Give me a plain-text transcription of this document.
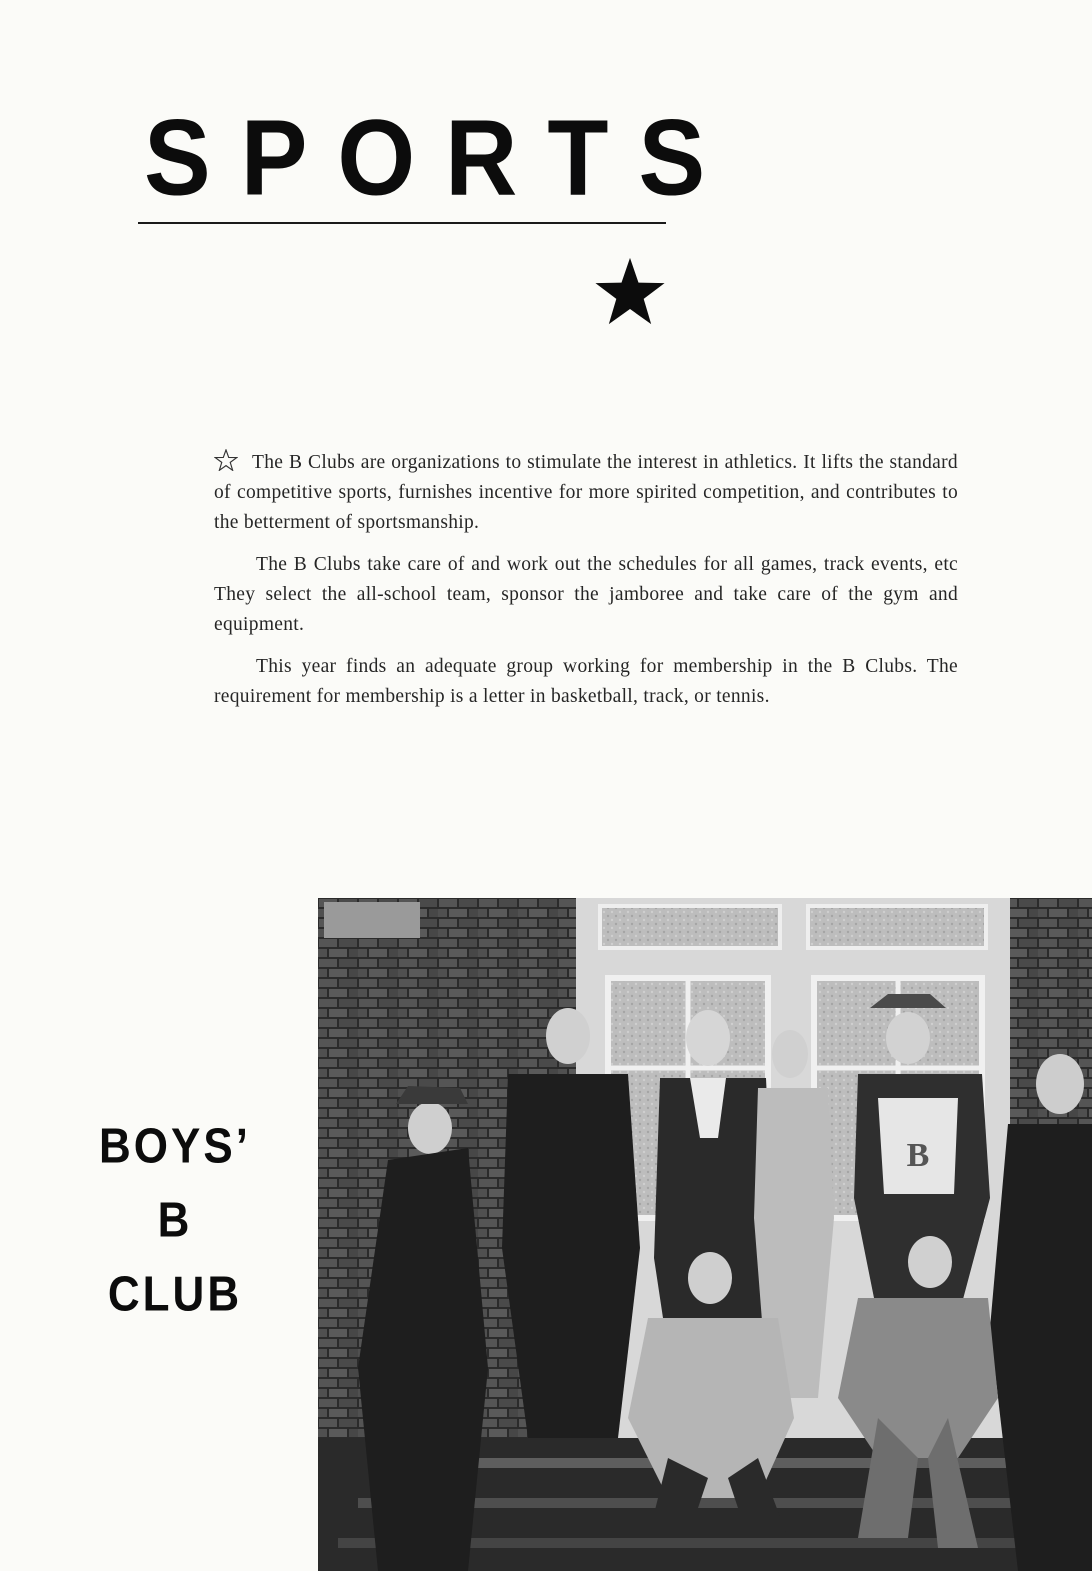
SPORTS

The B Clubs are organizations to stimulate the interest in athletics. It lifts the standard of competitive sports, furnishes incentive for more spirited competition, and contributes to the betterment of sportsmanship.

The B Clubs take care of and work out the schedules for all games, track events, etc They select the all-school team, sponsor the jamboree and take care of the gym and equipment.

This year finds an adequate group working for membership in the B Clubs. The requirement for membership is a letter in basketball, track, or tennis.

BOYS’
B
CLUB
B
